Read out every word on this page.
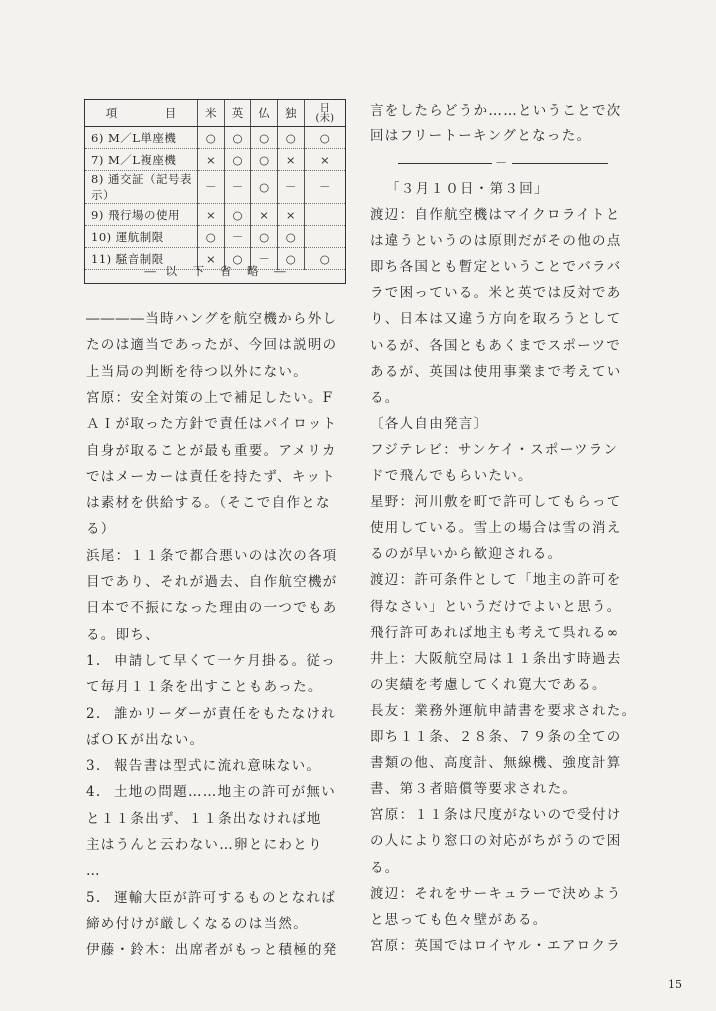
項　目	米	英	仏	独	日
(未)
6) M／L単座機	○	○	○	○	○
7) M／L複座機	×	○	○	×	×
8) 通交証（記号表示）	－	－	○	－	－
9) 飛行場の使用	×	○	×	×	
10) 運航制限	○	－	○	○	
11) 騒音制限	×	○	－	○	○
― 以 下 省 略 ―
――――当時ハングを航空機から外し
たのは適当であったが、今回は説明の
上当局の判断を待つ以外にない。
宮原：安全対策の上で補足したい。F
ＡＩが取った方針で責任はパイロット
自身が取ることが最も重要。アメリカ
ではメーカーは責任を持たず、キット
は素材を供給する。（そこで自作とな
る）
浜尾：１１条で都合悪いのは次の各項
目であり、それが過去、自作航空機が
日本で不振になった理由の一つでもあ
る。即ち、
1. 申請して早くて一ケ月掛る。従っ
て毎月１１条を出すこともあった。
2. 誰かリーダーが責任をもたなけれ
ばＯＫが出ない。
3. 報告書は型式に流れ意味ない。
4. 土地の問題……地主の許可が無い
と１１条出ず、１１条出なければ地
主はうんと云わない…卵とにわとり
…
5. 運輸大臣が許可するものとなれば
締め付けが厳しくなるのは当然。
伊藤・鈴木：出席者がもっと積極的発
言をしたらどうか……ということで次
回はフリートーキングとなった。
「３月１０日・第３回」
渡辺：自作航空機はマイクロライトと
は違うというのは原則だがその他の点
即ち各国とも暫定ということでバラバ
ラで困っている。米と英では反対であ
り、日本は又違う方向を取ろうとして
いるが、各国ともあくまでスポーツで
あるが、英国は使用事業まで考えてい
る。
〔各人自由発言〕
フジテレビ：サンケイ・スポーツラン
ドで飛んでもらいたい。
星野：河川敷を町で許可してもらって
使用している。雪上の場合は雪の消え
るのが早いから歓迎される。
渡辺：許可条件として「地主の許可を
得なさい」というだけでよいと思う。
飛行許可あれば地主も考えて呉れる∞
井上：大阪航空局は１１条出す時過去
の実績を考慮してくれ寛大である。
長友：業務外運航申請書を要求された。
即ち１１条、２８条、７９条の全ての
書類の他、高度計、無線機、強度計算
書、第３者賠償等要求された。
宮原：１１条は尺度がないので受付け
の人により窓口の対応がちがうので困
る。
渡辺：それをサーキュラーで決めよう
と思っても色々壁がある。
宮原：英国ではロイヤル・エアロクラ
－
15
